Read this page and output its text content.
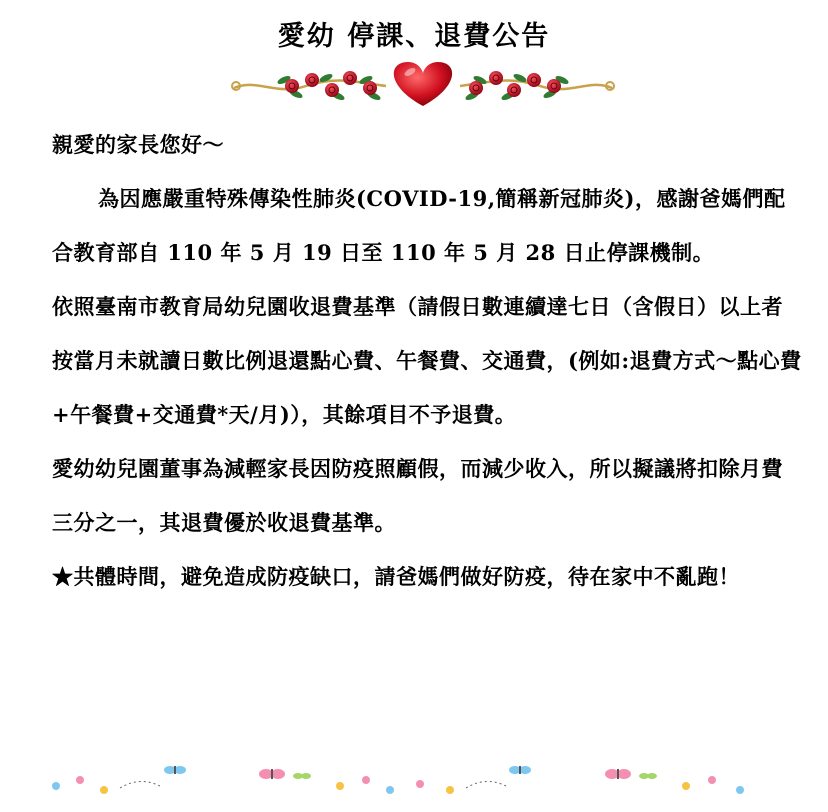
愛幼 停課、退費公告

親愛的家長您好～

為因應嚴重特殊傳染性肺炎(COVID-19,簡稱新冠肺炎)，感謝爸媽們配合教育部自 110 年 5 月 19 日至 110 年 5 月 28 日止停課機制。

依照臺南市教育局幼兒園收退費基準（請假日數連續達七日（含假日）以上者按當月未就讀日數比例退還點心費、午餐費、交通費，(例如:退費方式～點心費+午餐費+交通費*天/月)），其餘項目不予退費。

愛幼幼兒園董事為減輕家長因防疫照顧假，而減少收入，所以擬議將扣除月費三分之一，其退費優於收退費基準。

★共體時間，避免造成防疫缺口，請爸媽們做好防疫，待在家中不亂跑！
